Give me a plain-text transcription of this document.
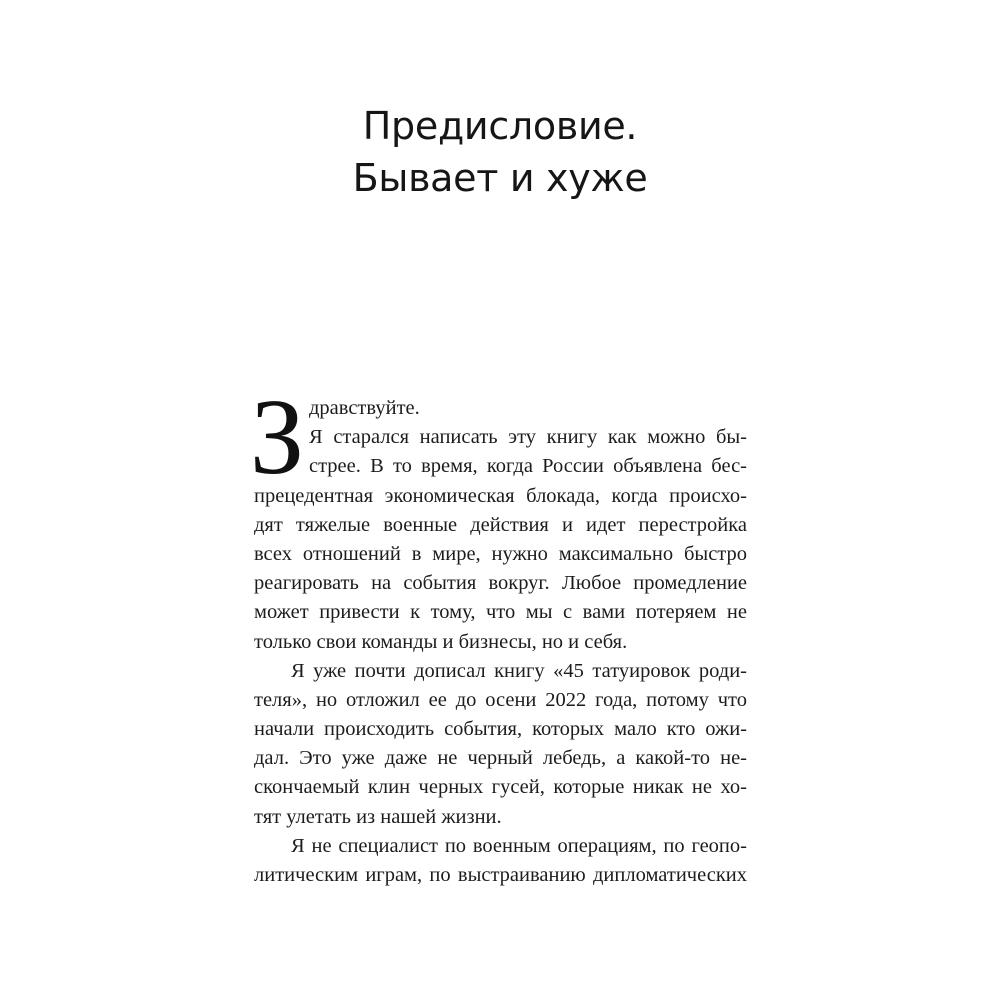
Предисловие.
Бывает и хуже
З дравствуйте.
Я старался написать эту книгу как можно бы-
стрее. В то время, когда России объявлена бес-
прецедентная экономическая блокада, когда происхо-
дят тяжелые военные действия и идет перестройка
всех отношений в мире, нужно максимально быстро
реагировать на события вокруг. Любое промедление
может привести к тому, что мы с вами потеряем не
только свои команды и бизнесы, но и себя.
Я уже почти дописал книгу «45 татуировок роди-
теля», но отложил ее до осени 2022 года, потому что
начали происходить события, которых мало кто ожи-
дал. Это уже даже не черный лебедь, а какой-то не-
скончаемый клин черных гусей, которые никак не хо-
тят улетать из нашей жизни.
Я не специалист по военным операциям, по геопо-
литическим играм, по выстраиванию дипломатических
